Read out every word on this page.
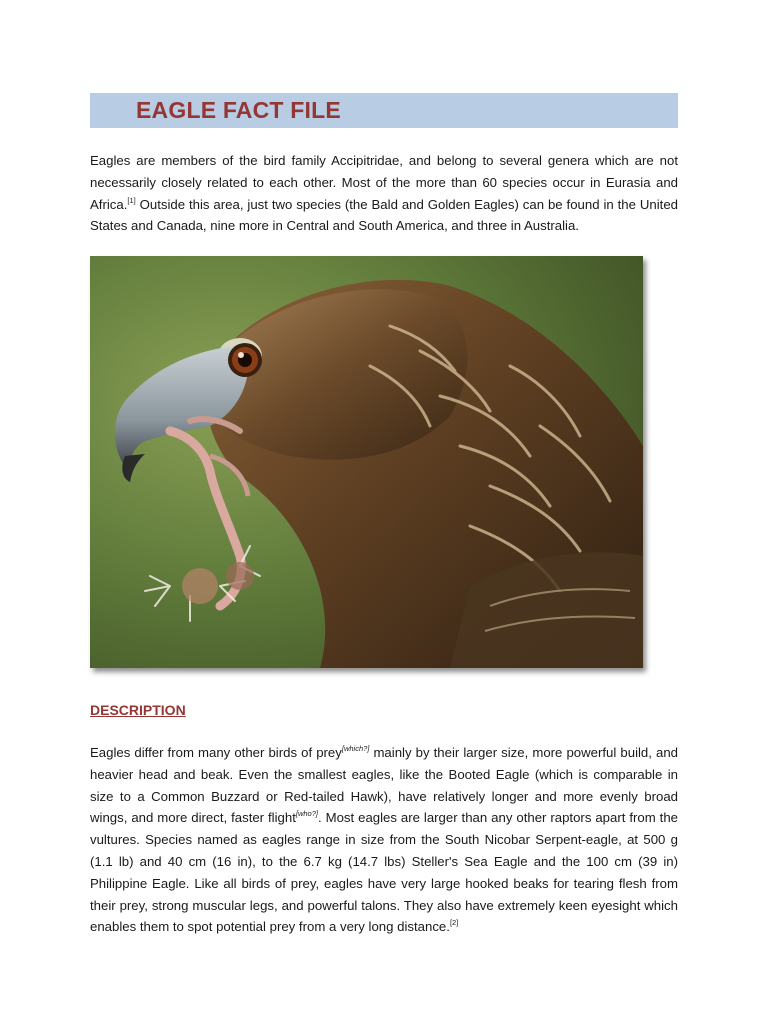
EAGLE FACT FILE

Eagles are members of the bird family Accipitridae, and belong to several genera which are not necessarily closely related to each other. Most of the more than 60 species occur in Eurasia and Africa.[1] Outside this area, just two species (the Bald and Golden Eagles) can be found in the United States and Canada, nine more in Central and South America, and three in Australia.

DESCRIPTION

Eagles differ from many other birds of prey[which?] mainly by their larger size, more powerful build, and heavier head and beak. Even the smallest eagles, like the Booted Eagle (which is comparable in size to a Common Buzzard or Red-tailed Hawk), have relatively longer and more evenly broad wings, and more direct, faster flight[who?]. Most eagles are larger than any other raptors apart from the vultures. Species named as eagles range in size from the South Nicobar Serpent-eagle, at 500 g (1.1 lb) and 40 cm (16 in), to the 6.7 kg (14.7 lbs) Steller's Sea Eagle and the 100 cm (39 in) Philippine Eagle. Like all birds of prey, eagles have very large hooked beaks for tearing flesh from their prey, strong muscular legs, and powerful talons. They also have extremely keen eyesight which enables them to spot potential prey from a very long distance.[2]
